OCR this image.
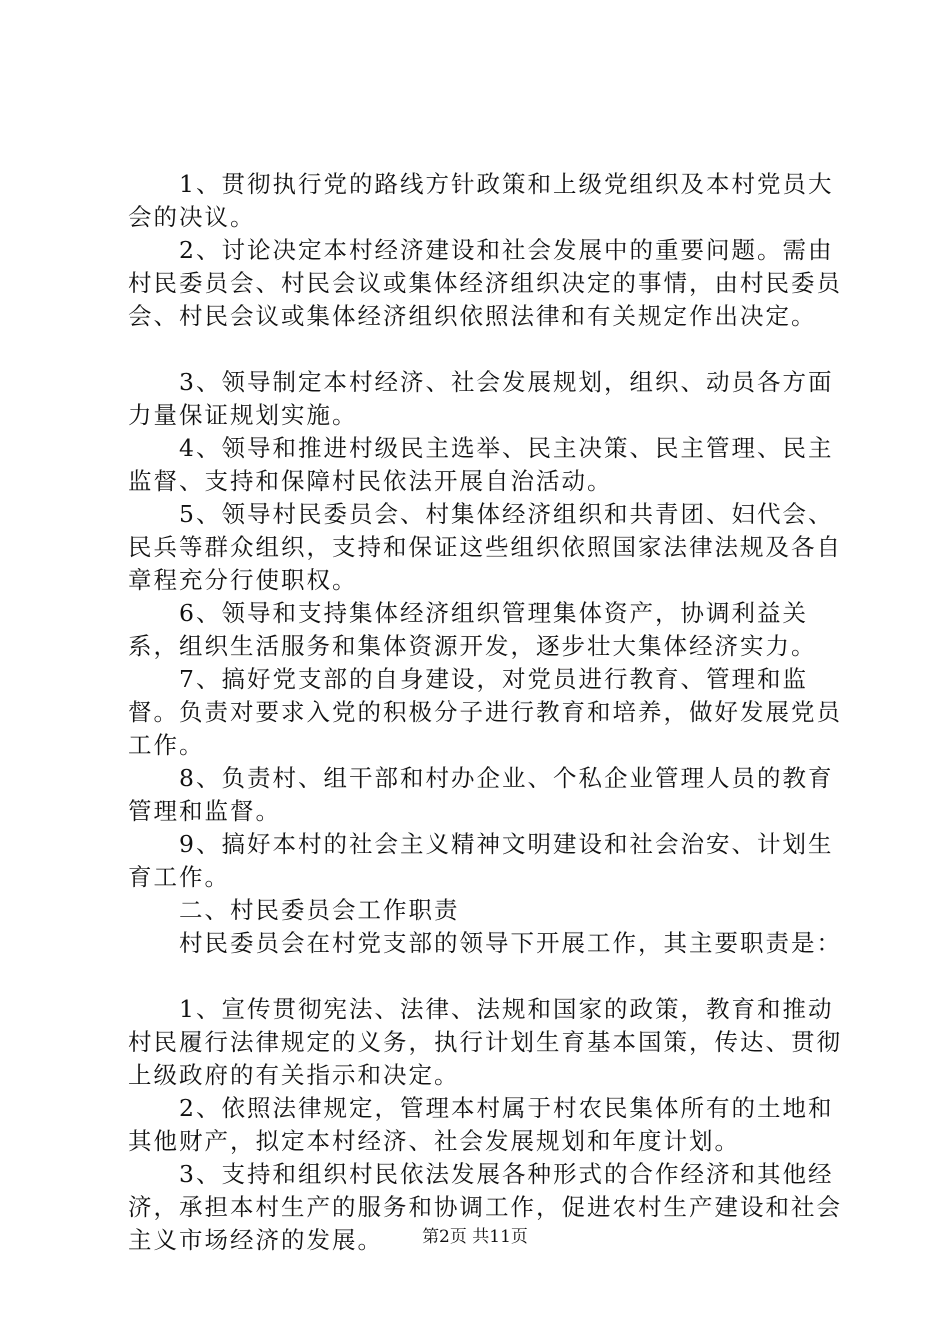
1、贯彻执行党的路线方针政策和上级党组织及本村党员大会的决议。

2、讨论决定本村经济建设和社会发展中的重要问题。需由村民委员会、村民会议或集体经济组织决定的事情，由村民委员会、村民会议或集体经济组织依照法律和有关规定作出决定。

3、领导制定本村经济、社会发展规划，组织、动员各方面力量保证规划实施。

4、领导和推进村级民主选举、民主决策、民主管理、民主监督、支持和保障村民依法开展自治活动。

5、领导村民委员会、村集体经济组织和共青团、妇代会、民兵等群众组织，支持和保证这些组织依照国家法律法规及各自章程充分行使职权。

6、领导和支持集体经济组织管理集体资产，协调利益关系，组织生活服务和集体资源开发，逐步壮大集体经济实力。

7、搞好党支部的自身建设，对党员进行教育、管理和监督。负责对要求入党的积极分子进行教育和培养，做好发展党员工作。

8、负责村、组干部和村办企业、个私企业管理人员的教育管理和监督。

9、搞好本村的社会主义精神文明建设和社会治安、计划生育工作。

二、村民委员会工作职责

村民委员会在村党支部的领导下开展工作，其主要职责是：

1、宣传贯彻宪法、法律、法规和国家的政策，教育和推动村民履行法律规定的义务，执行计划生育基本国策，传达、贯彻上级政府的有关指示和决定。

2、依照法律规定，管理本村属于村农民集体所有的土地和其他财产，拟定本村经济、社会发展规划和年度计划。

3、支持和组织村民依法发展各种形式的合作经济和其他经济，承担本村生产的服务和协调工作，促进农村生产建设和社会主义市场经济的发展。	第2页 共11页
